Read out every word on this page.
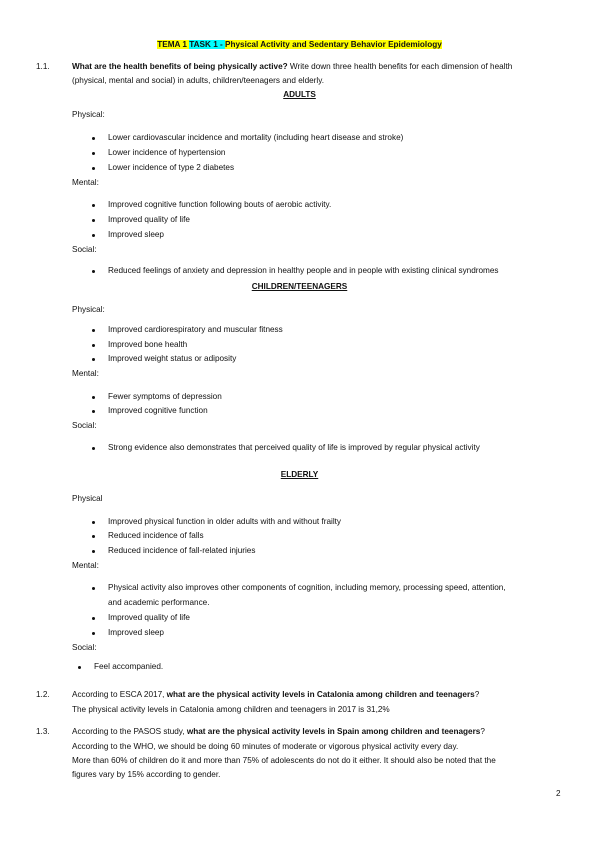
TEMA 1 TASK 1 - Physical Activity and Sedentary Behavior Epidemiology
1.1.	What are the health benefits of being physically active? Write down three health benefits for each dimension of health
(physical, mental and social) in adults, children/teenagers and elderly.
ADULTS
Physical:
Lower cardiovascular incidence and mortality (including heart disease and stroke)
Lower incidence of hypertension
Lower incidence of type 2 diabetes
Mental:
Improved cognitive function following bouts of aerobic activity.
Improved quality of life
Improved sleep
Social:
Reduced feelings of anxiety and depression in healthy people and in people with existing clinical syndromes
CHILDREN/TEENAGERS
Physical:
Improved cardiorespiratory and muscular fitness
Improved bone health
Improved weight status or adiposity
Mental:
Fewer symptoms of depression
Improved cognitive function
Social:
Strong evidence also demonstrates that perceived quality of life is improved by regular physical activity
ELDERLY
Physical
Improved physical function in older adults with and without frailty
Reduced incidence of falls
Reduced incidence of fall-related injuries
Mental:
Physical activity also improves other components of cognition, including memory, processing speed, attention,
and academic performance.
Improved quality of life
Improved sleep
Social:
Feel accompanied.
1.2.	According to ESCA 2017, what are the physical activity levels in Catalonia among children and teenagers?
The physical activity levels in Catalonia among children and teenagers in 2017 is 31,2%
1.3.	According to the PASOS study, what are the physical activity levels in Spain among children and teenagers?
According to the WHO, we should be doing 60 minutes of moderate or vigorous physical activity every day.
More than 60% of children do it and more than 75% of adolescents do not do it either. It should also be noted that the
figures vary by 15% according to gender.
2
